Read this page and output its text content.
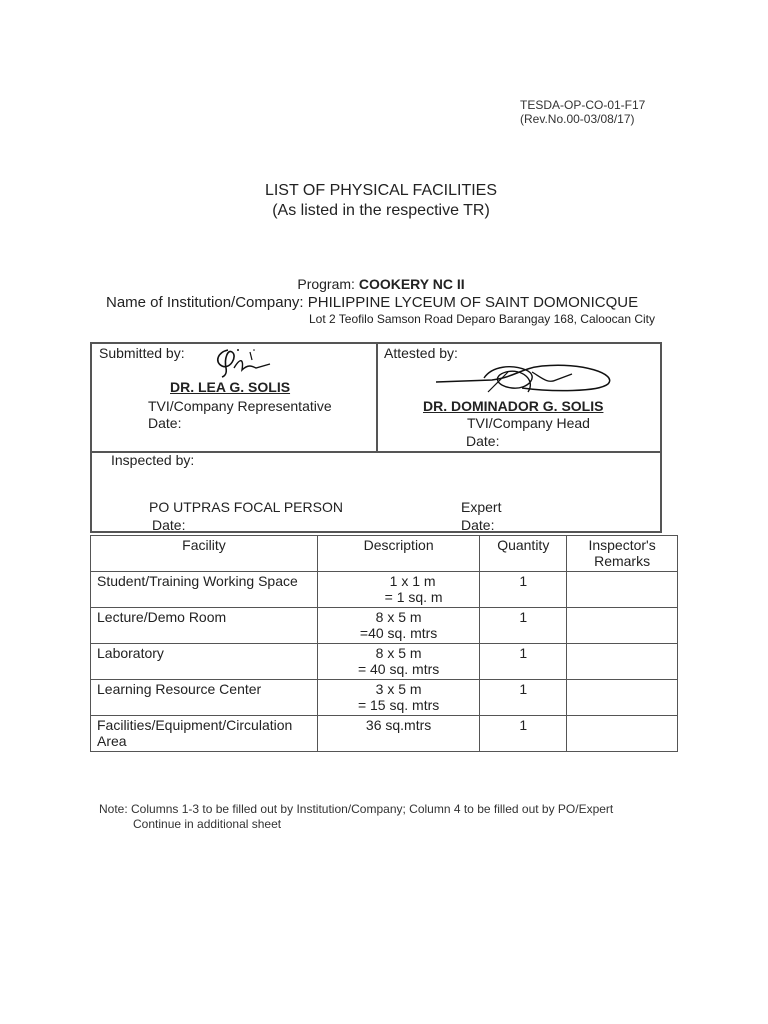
TESDA-OP-CO-01-F17
(Rev.No.00-03/08/17)
LIST OF PHYSICAL FACILITIES
(As listed in the respective TR)
Program: COOKERY NC II
Name of Institution/Company: PHILIPPINE LYCEUM OF SAINT DOMONICQUE
Lot 2 Teofilo Samson Road Deparo Barangay 168, Caloocan City
Submitted by:
DR. LEA G. SOLIS
TVI/Company Representative
Date:
Attested by:
DR. DOMINADOR G. SOLIS
TVI/Company Head
Date:
Inspected by:
PO UTPRAS FOCAL PERSON
Date:
Expert
Date:
Facility	Description	Quantity	Inspector's Remarks
Student/Training Working Space	1 x 1 m
= 1 sq. m	1	
Lecture/Demo Room	8 x 5 m
=40 sq. mtrs	1	
Laboratory	8 x 5 m
= 40 sq. mtrs	1	
Learning Resource Center	3 x 5 m
= 15 sq. mtrs	1	
Facilities/Equipment/Circulation Area	36 sq.mtrs	1	
Note: Columns 1-3 to be filled out by Institution/Company; Column 4 to be filled out by PO/Expert
Continue in additional sheet
